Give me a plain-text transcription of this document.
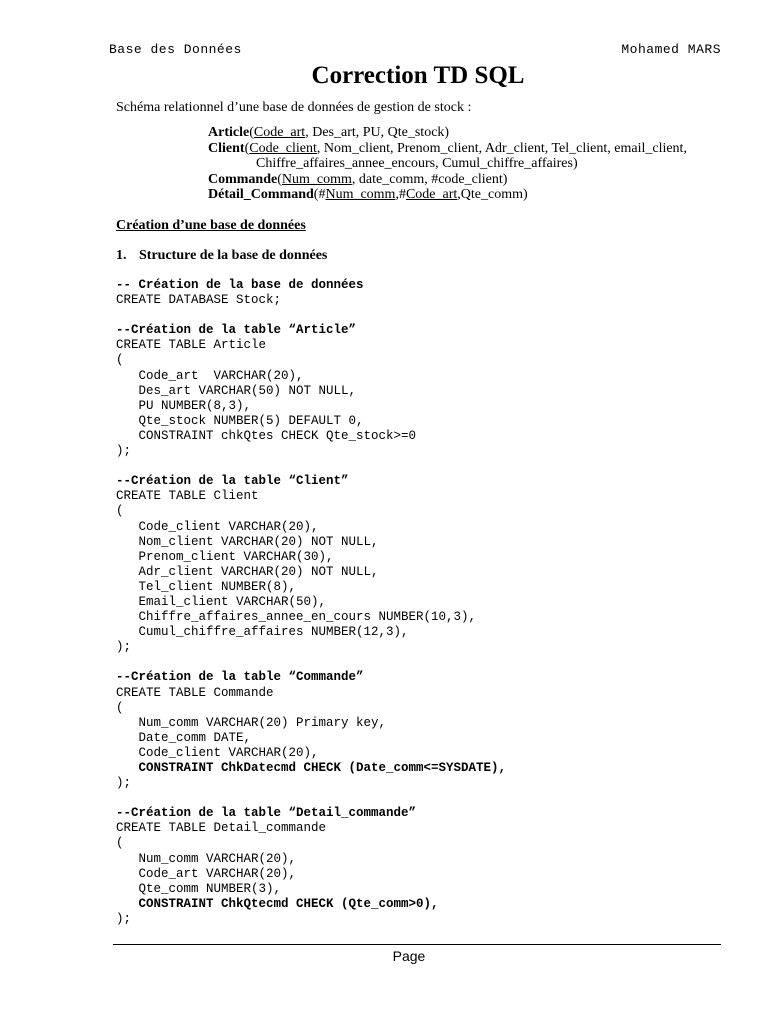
Base des Données	Mohamed MARS
Correction TD SQL
Schéma relationnel d’une base de données de gestion de stock :
Article(Code_art, Des_art, PU, Qte_stock)
Client(Code_client, Nom_client, Prenom_client, Adr_client, Tel_client, email_client,
Chiffre_affaires_annee_encours, Cumul_chiffre_affaires)
Commande(Num_comm, date_comm, #code_client)
Détail_Command(#Num_comm,#Code_art,Qte_comm)
Création d’une base de données
1. Structure de la base de données
-- Création de la base de données
CREATE DATABASE Stock;
--Création de la table “Article”
CREATE TABLE Article
(
Code_art  VARCHAR(20),
Des_art VARCHAR(50) NOT NULL,
PU NUMBER(8,3),
Qte_stock NUMBER(5) DEFAULT 0,
CONSTRAINT chkQtes CHECK Qte_stock>=0
);
--Création de la table “Client”
CREATE TABLE Client
(
Code_client VARCHAR(20),
Nom_client VARCHAR(20) NOT NULL,
Prenom_client VARCHAR(30),
Adr_client VARCHAR(20) NOT NULL,
Tel_client NUMBER(8),
Email_client VARCHAR(50),
Chiffre_affaires_annee_en_cours NUMBER(10,3),
Cumul_chiffre_affaires NUMBER(12,3),
);
--Création de la table “Commande”
CREATE TABLE Commande
(
Num_comm VARCHAR(20) Primary key,
Date_comm DATE,
Code_client VARCHAR(20),
CONSTRAINT ChkDatecmd CHECK (Date_comm<=SYSDATE),
);
--Création de la table “Detail_commande”
CREATE TABLE Detail_commande
(
Num_comm VARCHAR(20),
Code_art VARCHAR(20),
Qte_comm NUMBER(3),
CONSTRAINT ChkQtecmd CHECK (Qte_comm>0),
);
Page
